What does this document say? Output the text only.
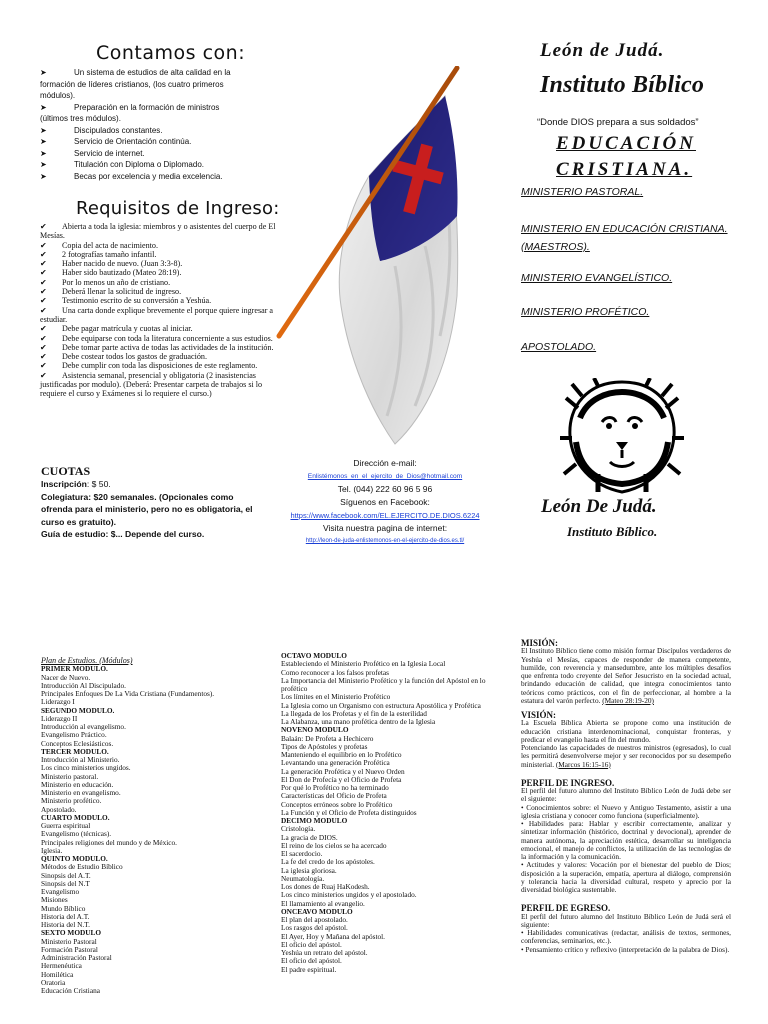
Contamos con:
➤	Un sistema de estudios de alta calidad en la formación de líderes cristianos, (los cuatro primeros módulos).
➤	Preparación en la formación de ministros (últimos tres módulos).
➤	Discipulados constantes.
➤	Servicio de Orientación continúa.
➤	Servicio de internet.
➤	Titulación con Diploma o Diplomado.
➤	Becas por excelencia y media excelencia.
Requisitos de Ingreso:
✔ Abierta a toda la iglesia: miembros y o asistentes del cuerpo de El Mesías.
✔ Copia del acta de nacimiento.
✔ 2 fotografías tamaño infantil.
✔ Haber nacido de nuevo. (Juan 3:3-8).
✔ Haber sido bautizado (Mateo 28:19).
✔ Por lo menos un año de cristiano.
✔ Deberá llenar la solicitud de ingreso.
✔ Testimonio escrito de su conversión a Yeshúa.
✔ Una carta donde explique brevemente el porque quiere ingresar a estudiar.
✔ Debe pagar matrícula y cuotas al iniciar.
✔ Debe equiparse con toda la literatura concerniente a sus estudios.
✔ Debe tomar parte activa de todas las actividades de la institución.
✔ Debe costear todos los gastos de graduación.
✔ Debe cumplir con toda las disposiciones de este reglamento.
✔ Asistencia semanal, presencial y obligatoria (2 inasistencias justificadas por modulo). (Deberá: Presentar carpeta de trabajos si lo requiere el curso y Exámenes si lo requiere el curso.)
CUOTAS
Inscripción: $ 50.
Colegiatura: $20 semanales. (Opcionales como ofrenda para el ministerio, pero no es obligatoria, el curso es gratuito).
Guía de estudio: $... Depende del curso.
León de Judá.
Instituto Bíblico
“Donde DIOS prepara a sus soldados”
EDUCACIÓN
CRISTIANA.
MINISTERIO PASTORAL.
MINISTERIO EN EDUCACIÓN CRISTIANA. (MAESTROS).
MINISTERIO EVANGELÍSTICO.
MINISTERIO PROFÉTICO.
APOSTOLADO.
León De Judá.
Instituto Bíblico.
Dirección e-mail:
Enlistémonos_en_el_ejercito_de_Dios@hotmail.com
Tel. (044) 222 60 96 5 96
Síguenos en Facebook:
https://www.facebook.com/EL.EJERCITO.DE.DIOS.6224
Visita nuestra pagina de internet:
http://leon-de-juda-enlistemonos-en-el-ejercito-de-dios.es.tl/
Plan de Estudios. (Módulos)
PRIMER MODULO.
Nacer de Nuevo.
Introducción Al Discipulado.
Principales Enfoques De La Vida Cristiana (Fundamentos).
Liderazgo I
SEGUNDO MODULO.
Liderazgo II
Introducción al evangelismo.
Evangelismo Práctico.
Conceptos Eclesiásticos.
TERCER MODULO.
Introducción al Ministerio.
Los cinco ministerios ungidos.
Ministerio pastoral.
Ministerio en educación.
Ministerio en evangelismo.
Ministerio profético.
Apostolado.
CUARTO MODULO.
Guerra espiritual
Evangelismo (técnicas).
Principales religiones del mundo y de México.
Iglesia.
QUINTO MODULO.
Métodos de Estudio Bíblico
Sinopsis del A.T.
Sinopsis del N.T
Evangelismo
Misiones
Mundo Bíblico
Historia del A.T.
Historia del N.T.
SEXTO MODULO
Ministerio Pastoral
Formación Pastoral
Administración Pastoral
Hermenéutica
Homilética
Oratoria
Educación Cristiana
OCTAVO MODULO
Estableciendo el Ministerio Profético en la Iglesia Local
Como reconocer a los falsos profetas
La Importancia del Ministerio Profético y la función del Apóstol en lo profético
Los límites en el Ministerio Profético
La Iglesia como un Organismo con estructura Apostólica y Profética
La llegada de los Profetas y el fin de la esterilidad
La Alabanza, una mano profética dentro de la Iglesia
NOVENO MODULO
Balaán: De Profeta a Hechicero
Tipos de Apóstoles y profetas
Manteniendo el equilibrio en lo Profético
Levantando una generación Profética
La generación Profética y el Nuevo Orden
El Don de Profecía y el Oficio de Profeta
Por qué lo Profético no ha terminado
Características del Oficio de Profeta
Conceptos erróneos sobre lo Profético
La Función y el Oficio de Profeta distinguidos
DECIMO MODULO
Cristología.
La gracia de DIOS.
El reino de los cielos se ha acercado
El sacerdocio.
La fe del credo de los apóstoles.
La iglesia gloriosa.
Neumatología.
Los dones de Ruaj HaKodesh.
Los cinco ministerios ungidos y el apostolado.
El llamamiento al evangelio.
ONCEAVO MODULO
El plan del apostolado.
Los rasgos del apóstol.
El Ayer, Hoy y Mañana del apóstol.
El oficio del apóstol.
Yeshúa un retrato del apóstol.
El oficio del apóstol.
El padre espiritual.
MISIÓN:

El Instituto Bíblico tiene como misión formar Discípulos verdaderos de Yeshúa el Mesías, capaces de responder de manera competente, humilde, con reverencia y mansedumbre, ante los múltiples desafíos que enfrenta todo creyente del Señor Jesucristo en la sociedad actual, brindando educación de calidad, que integra conocimientos tanto teóricos como prácticos, con el fin de perfeccionar, al hombre a la estatura del varón perfecto. (Mateo 28:19-20)

VISIÓN:

La Escuela Bíblica Abierta se propone como una institución de educación cristiana interdenominacional, conquistar fronteras, y predicar el evangelio hasta el fin del mundo.

Potenciando las capacidades de nuestros ministros (egresados), lo cual les permitirá desenvolverse mejor y ser reconocidos por su desempeño ministerial. (Marcos 16:15-16)

PERFIL DE INGRESO.

El perfil del futuro alumno del Instituto Bíblico León de Judá debe ser el siguiente:

• Conocimientos sobre: el Nuevo y Antiguo Testamento, asistir a una iglesia cristiana y conocer como funciona (superficialmente).

• Habilidades para: Hablar y escribir correctamente, analizar y sintetizar información (histórico, doctrinal y devocional), aprender de manera autónoma, la apreciación estética, desarrollar su inteligencia emocional, el manejo de conflictos, la utilización de las tecnologías de la información y la comunicación.

• Actitudes y valores: Vocación por el bienestar del pueblo de Dios; disposición a la superación, empatía, apertura al diálogo, comprensión y tolerancia hacia la diversidad cultural, respeto y aprecio por la diversidad biológica sustentable.

PERFIL DE EGRESO.

El perfil del futuro alumno del Instituto Bíblico León de Judá será el siguiente:

• Habilidades comunicativas (redactar, análisis de textos, sermones, conferencias, seminarios, etc.).

• Pensamiento crítico y reflexivo (interpretación de la palabra de Dios).
